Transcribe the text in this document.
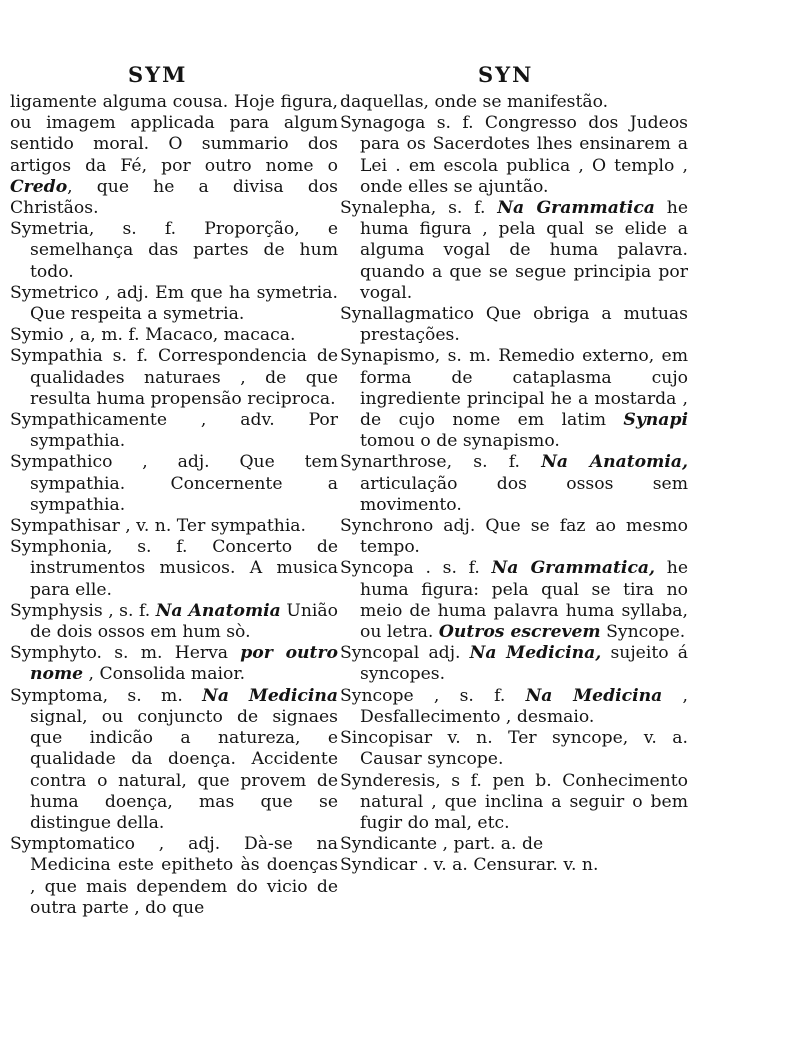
SYM	SYN

ligamente alguma cousa. Hoje figura, ou imagem applicada para algum sentido moral. O summario dos artigos da Fé, por outro nome o Credo, que he a divisa dos Christãos.

Symetria, s. f. Proporção, e semelhança das partes de hum todo.

Symetrico , adj. Em que ha symetria. Que respeita a symetria.

Symio , a, m. f. Macaco, macaca.

Sympathia s. f. Correspondencia de qualidades naturaes , de que resulta huma propensão reciproca.

Sympathicamente , adv. Por sympathia.

Sympathico , adj. Que tem sympathia. Concernente a sympathia.

Sympathisar , v. n. Ter sympathia.

Symphonia, s. f. Concerto de instrumentos musicos. A musica para elle.

Symphysis , s. f. Na Anatomia União de dois ossos em hum sò.

Symphyto. s. m. Herva por outro nome , Consolida maior.

Symptoma, s. m. Na Medicina signal, ou conjuncto de signaes que indicão a natureza, e qualidade da doença. Accidente contra o natural, que provem de huma doença, mas que se distingue della.

Symptomatico , adj. Dà-se na Medicina este epitheto às doenças , que mais dependem do vicio de outra parte , do que

daquellas, onde se manifestão.

Synagoga s. f. Congresso dos Judeos para os Sacerdotes lhes ensinarem a Lei . em escola publica , O templo , onde elles se ajuntão.

Synalepha, s. f. Na Grammatica he huma figura , pela qual se elide a alguma vogal de huma palavra. quando a que se segue principia por vogal.

Synallagmatico Que obriga a mutuas prestações.

Synapismo, s. m. Remedio externo, em forma de cataplasma cujo ingrediente principal he a mostarda , de cujo nome em latim Synapi tomou o de synapismo.

Synarthrose, s. f. Na Anatomia, articulação dos ossos sem movimento.

Synchrono adj. Que se faz ao mesmo tempo.

Syncopa . s. f. Na Grammatica, he huma figura: pela qual se tira no meio de huma palavra huma syllaba, ou letra. Outros escrevem Syncope.

Syncopal adj. Na Medicina, sujeito á syncopes.

Syncope , s. f. Na Medicina , Desfallecimento , desmaio.

Sincopisar v. n. Ter syncope, v. a. Causar syncope.

Synderesis, s f. pen b. Conhecimento natural , que inclina a seguir o bem fugir do mal, etc.

Syndicante , part. a. de

Syndicar . v. a. Censurar. v. n.
